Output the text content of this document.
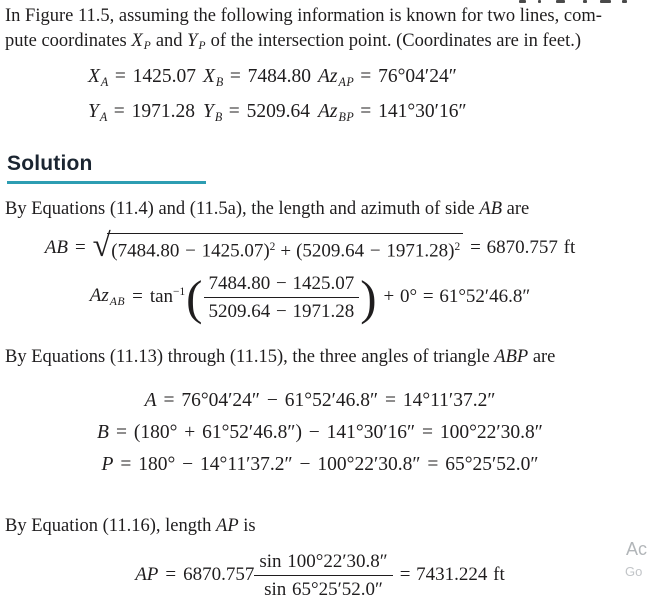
In Figure 11.5, assuming the following information is known for two lines, com-
pute coordinates $X_P$ and $Y_P$ of the intersection point. (Coordinates are in feet.)
$X_A = 1425.07$ $X_B = 7484.80$ $Az_{AP} = 76^\circ 04'24''$
$Y_A = 1971.28$ $Y_B = 5209.64$ $Az_{BP} = 141^\circ 30'16''$
Solution
By Equations (11.4) and (11.5a), the length and azimuth of side AB are
AB = √ $(7484.80 - 1425.07)^2 + (5209.64 - 1971.28)^2 = 6870.757$ ft
$Az_{AB} = \tan^{-1}$ ( $\frac{7484.80 - 1425.07}{5209.64 - 1971.28}$ ) + 0° = 61°52′46.8″
By Equations (11.13) through (11.15), the three angles of triangle ABP are
A = 76°04′24″ − 61°52′46.8″ = 14°11′37.2″
B = (180° + 61°52′46.8″) − 141°30′16″ = 100°22′30.8″
P = 180° − 14°11′37.2″ − 100°22′30.8″ = 65°25′52.0″
By Equation (11.16), length AP is
AP = $6870.757 \frac{\sin 100^\circ 22'30.8''}{\sin 65^\circ 25'52.0''} = 7431.224$ ft
Ac
Go
